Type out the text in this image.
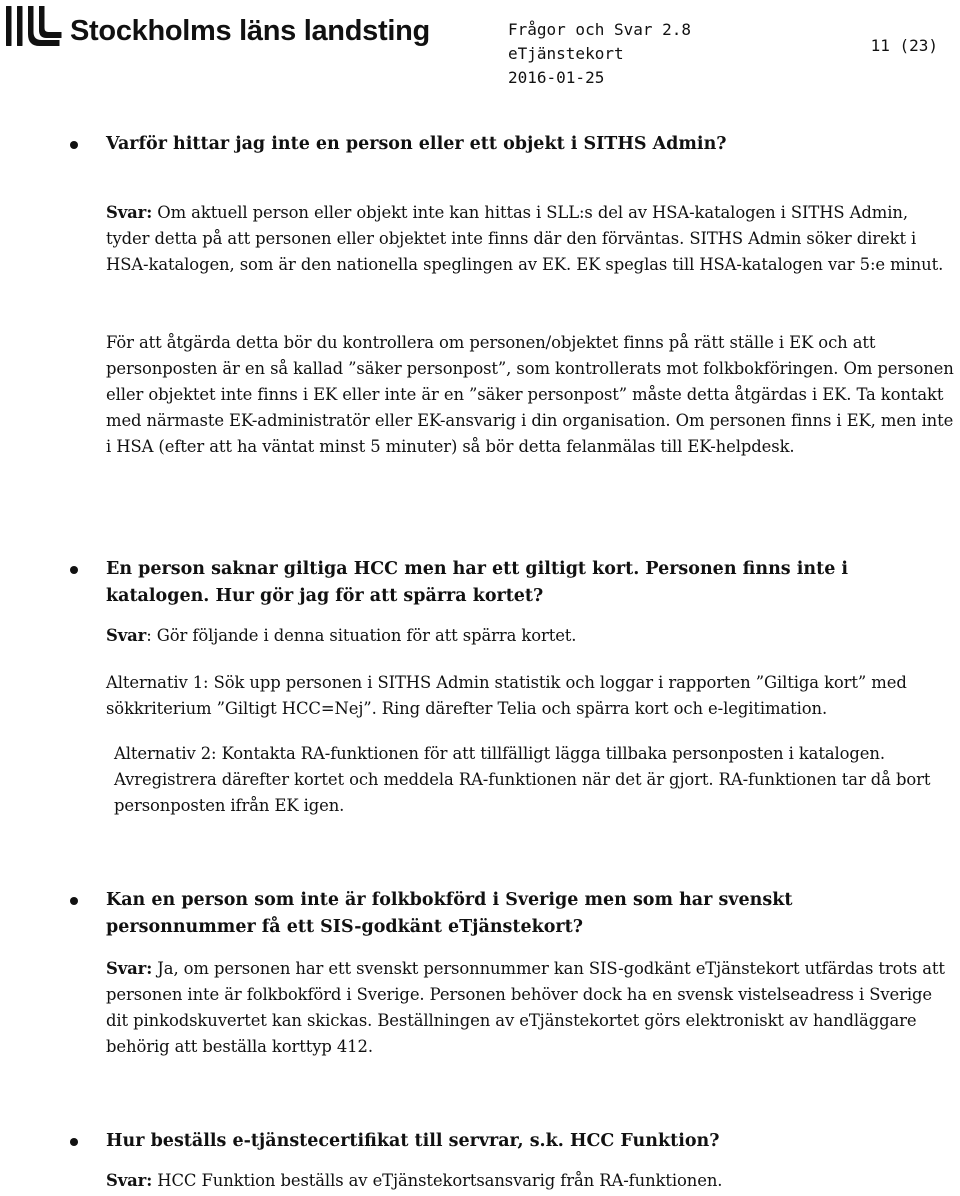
Stockholms läns landsting	Frågor och Svar 2.8
eTjänstekort
2016-01-25
11 (23)
Varför hittar jag inte en person eller ett objekt i SITHS Admin?
Svar: Om aktuell person eller objekt inte kan hittas i SLL:s del av HSA-katalogen i SITHS Admin, tyder detta på att personen eller objektet inte finns där den förväntas. SITHS Admin söker direkt i HSA-katalogen, som är den nationella speglingen av EK. EK speglas till HSA-katalogen var 5:e minut.
För att åtgärda detta bör du kontrollera om personen/objektet finns på rätt ställe i EK och att personposten är en så kallad ”säker personpost”, som kontrollerats mot folkbokföringen. Om personen eller objektet inte finns i EK eller inte är en ”säker personpost” måste detta åtgärdas i EK. Ta kontakt med närmaste EK-administratör eller EK-ansvarig i din organisation. Om personen finns i EK, men inte i HSA (efter att ha väntat minst 5 minuter) så bör detta felanmälas till EK-helpdesk.
En person saknar giltiga HCC men har ett giltigt kort. Personen finns inte i katalogen. Hur gör jag för att spärra kortet?
Svar: Gör följande i denna situation för att spärra kortet.
Alternativ 1: Sök upp personen i SITHS Admin statistik och loggar i rapporten ”Giltiga kort” med sökkriterium ”Giltigt HCC=Nej”. Ring därefter Telia och spärra kort och e-legitimation.
Alternativ 2: Kontakta RA-funktionen för att tillfälligt lägga tillbaka personposten i katalogen. Avregistrera därefter kortet och meddela RA-funktionen när det är gjort. RA-funktionen tar då bort personposten ifrån EK igen.
Kan en person som inte är folkbokförd i Sverige men som har svenskt personnummer få ett SIS-godkänt eTjänstekort?
Svar: Ja, om personen har ett svenskt personnummer kan SIS-godkänt eTjänstekort utfärdas trots att personen inte är folkbokförd i Sverige. Personen behöver dock ha en svensk vistelseadress i Sverige dit pinkodskuvertet kan skickas. Beställningen av eTjänstekortet görs elektroniskt av handläggare behörig att beställa korttyp 412.
Hur beställs e-tjänstecertifikat till servrar, s.k. HCC Funktion?
Svar: HCC Funktion beställs av eTjänstekortsansvarig från RA-funktionen.
